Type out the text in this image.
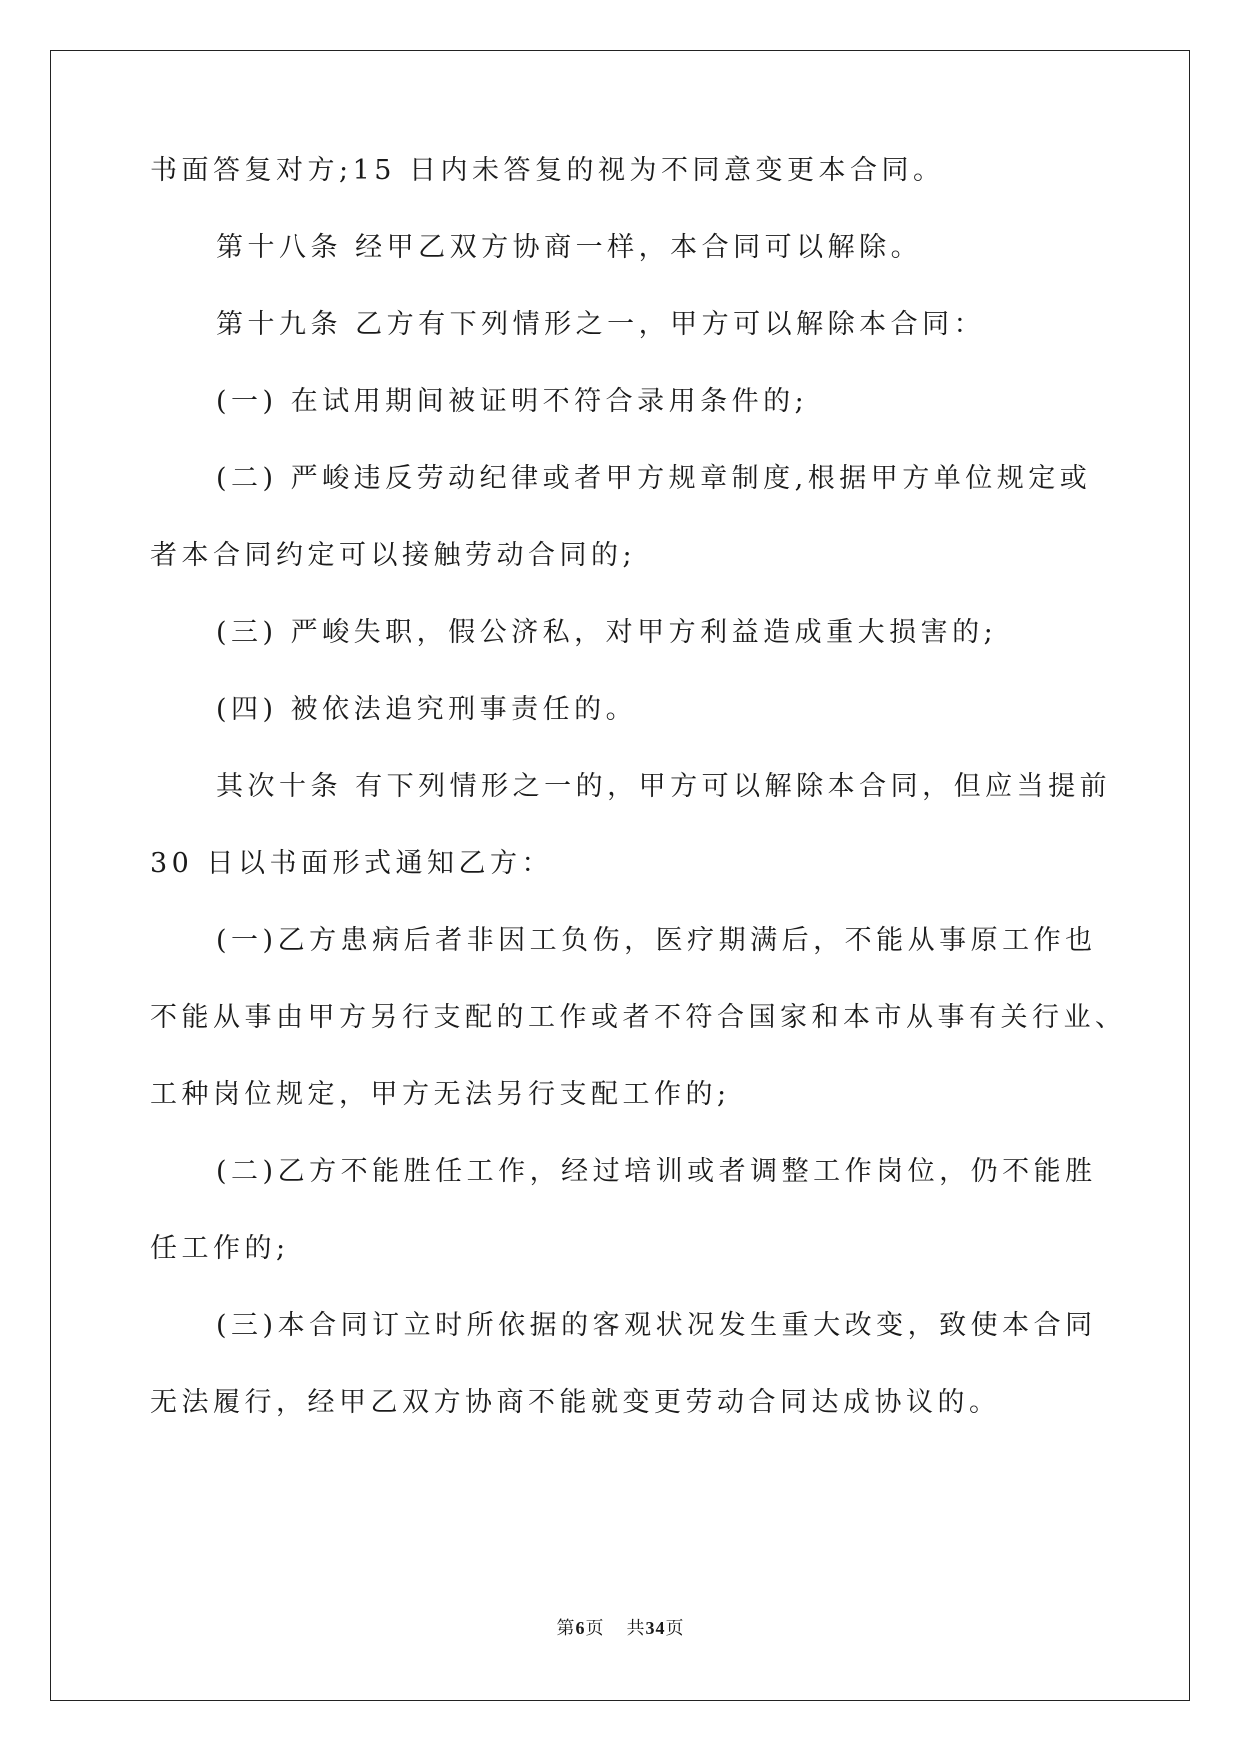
书面答复对方;15 日内未答复的视为不同意变更本合同。

第十八条 经甲乙双方协商一样，本合同可以解除。

第十九条 乙方有下列情形之一，甲方可以解除本合同：

(一) 在试用期间被证明不符合录用条件的;

(二) 严峻违反劳动纪律或者甲方规章制度,根据甲方单位规定或

者本合同约定可以接触劳动合同的;

(三) 严峻失职，假公济私，对甲方利益造成重大损害的;

(四) 被依法追究刑事责任的。

其次十条 有下列情形之一的，甲方可以解除本合同，但应当提前

30 日以书面形式通知乙方：

(一)乙方患病后者非因工负伤，医疗期满后，不能从事原工作也

不能从事由甲方另行支配的工作或者不符合国家和本市从事有关行业、

工种岗位规定，甲方无法另行支配工作的;

(二)乙方不能胜任工作，经过培训或者调整工作岗位，仍不能胜

任工作的;

(三)本合同订立时所依据的客观状况发生重大改变，致使本合同

无法履行，经甲乙双方协商不能就变更劳动合同达成协议的。

第6页 共34页
